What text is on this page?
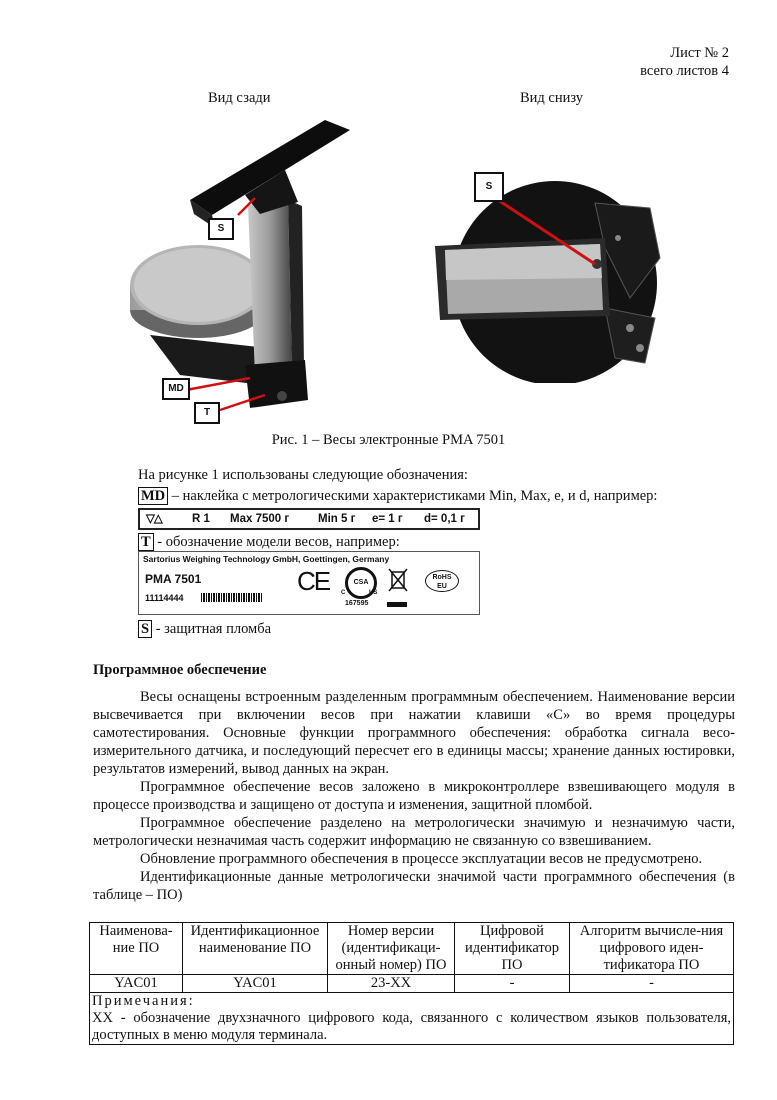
Лист № 2
всего листов 4
Вид сзади	Вид снизу
S
MD
T
S
Рис. 1 – Весы электронные PMA 7501
На рисунке 1 использованы следующие обозначения:
MD – наклейка с метрологическими характеристиками Min, Max, e, и d, например:
▽△	R 1 Max 7500 г	Min 5 г e= 1 г d= 0,1 г
T - обозначение модели весов, например:
Sartorius Weighing Technology GmbH, Goettingen, Germany
PMA 7501
11114444
CE	CSA
C	US
167595
RoHS
EU
S - защитная пломба
Программное обеспечение

Весы оснащены встроенным разделенным программным обеспечением. Наименование версии высвечивается при включении весов при нажатии клавиши «C» во время процедуры самотестирования. Основные функции программного обеспечения: обработка сигнала весо-измерительного датчика, и последующий пересчет его в единицы массы; хранение данных юстировки, результатов измерений, вывод данных на экран.

Программное обеспечение весов заложено в микроконтроллере взвешивающего модуля в процессе производства и защищено от доступа и изменения, защитной пломбой.

Программное обеспечение разделено на метрологически значимую и незначимую части, метрологически незначимая часть содержит информацию не связанную со взвешиванием.

Обновление программного обеспечения в процессе эксплуатации весов не предусмотрено.

Идентификационные данные метрологически значимой части программного обеспечения (в таблице – ПО)

Наименова-ние ПО	Идентификационное наименование ПО	Номер версии (идентификаци-онный номер) ПО	Цифровой идентификатор ПО	Алгоритм вычисле-ния цифрового иден-тификатора ПО
YAC01	YAC01	23-XX	-	-

Примечания:
XX - обозначение двухзначного цифрового кода, связанного с количеством языков пользователя, доступных в меню модуля терминала.				
